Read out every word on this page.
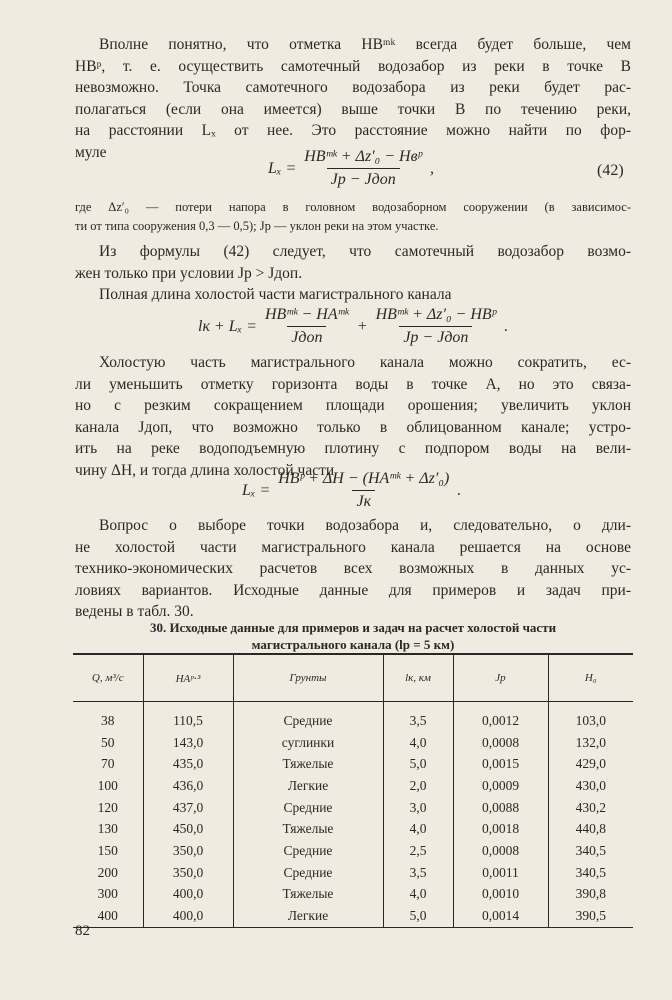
Вполне понятно, что отметка HВᵐᵏ всегда будет больше, чем
HВᵖ, т. е. осуществить самотечный водозабор из реки в точке B
невозможно. Точка самотечного водозабора из реки будет рас-
полагаться (если она имеется) выше точки B по течению реки,
на расстоянии Lₓ от нее. Это расстояние можно найти по фор-
муле
$L_x = \frac{\text{HВᵐᵏ + Δz′₀ − Hвᵖ}}{\text{Jр − Jдоп}}$ ,	(42)
где Δz′₀ — потери напора в головном водозаборном сооружении (в зависимос-
ти от типа сооружения 0,3 — 0,5); Jр — уклон реки на этом участке.
Из формулы (42) следует, что самотечный водозабор возмо-
жен только при условии Jр > Jдоп.
Полная длина холостой части магистрального канала
lк + $L_x = \frac{\text{HВᵐᵏ − HАᵐᵏ}}{\text{Jдоп}} + \frac{\text{HВᵐᵏ + Δz′₀ − HВᵖ}}{\text{Jр − Jдоп}}$ .
Холостую часть магистрального канала можно сократить, ес-
ли уменьшить отметку горизонта воды в точке A, но это связа-
но с резким сокращением площади орошения; увеличить уклон
канала Jдоп, что возможно только в облицованном канале; устро-
ить на реке водоподъемную плотину с подпором воды на вели-
чину ΔH, и тогда длина холостой части
$L_x = \frac{\text{HВᵖ + ΔH − (HАᵐᵏ + Δz′₀)}}{Jк}$ .
Вопрос о выборе точки водозабора и, следовательно, о дли-
не холостой части магистрального канала решается на основе
технико-экономических расчетов всех возможных в данных ус-
ловиях вариантов. Исходные данные для примеров и задач при-
ведены в табл. 30.
30. Исходные данные для примеров и задач на расчет холостой части
магистрального канала (lр = 5 км)
Q, м³/с	HАᵖ⋅³	Грунты	lк, км	Jр	H₀
38	110,5	Средние	3,5	0,0012	103,0
50	143,0	суглинки	4,0	0,0008	132,0
70	435,0	Тяжелые	5,0	0,0015	429,0
100	436,0	Легкие	2,0	0,0009	430,0
120	437,0	Средние	3,0	0,0088	430,2
130	450,0	Тяжелые	4,0	0,0018	440,8
150	350,0	Средние	2,5	0,0008	340,5
200	350,0	Средние	3,5	0,0011	340,5
300	400,0	Тяжелые	4,0	0,0010	390,8
400	400,0	Легкие	5,0	0,0014	390,5
82
